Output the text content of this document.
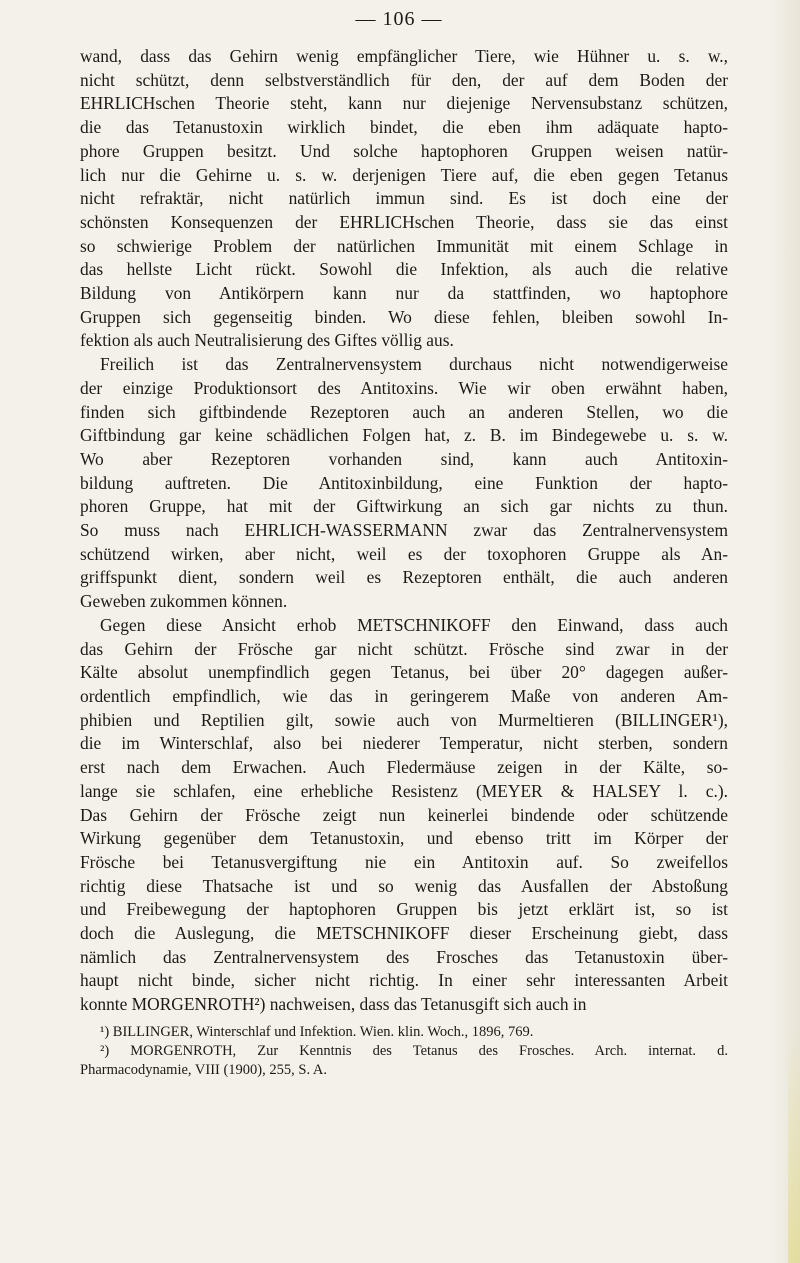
— 106 —

wand, dass das Gehirn wenig empfänglicher Tiere, wie Hühner u. s. w.,
nicht schützt, denn selbstverständlich für den, der auf dem Boden der
EHRLICHschen Theorie steht, kann nur diejenige Nervensubstanz schützen,
die das Tetanustoxin wirklich bindet, die eben ihm adäquate hapto-
phore Gruppen besitzt. Und solche haptophoren Gruppen weisen natür-
lich nur die Gehirne u. s. w. derjenigen Tiere auf, die eben gegen Tetanus
nicht refraktär, nicht natürlich immun sind. Es ist doch eine der
schönsten Konsequenzen der EHRLICHschen Theorie, dass sie das einst
so schwierige Problem der natürlichen Immunität mit einem Schlage in
das hellste Licht rückt. Sowohl die Infektion, als auch die relative
Bildung von Antikörpern kann nur da stattfinden, wo haptophore
Gruppen sich gegenseitig binden. Wo diese fehlen, bleiben sowohl In-
fektion als auch Neutralisierung des Giftes völlig aus.

Freilich ist das Zentralnervensystem durchaus nicht notwendigerweise
der einzige Produktionsort des Antitoxins. Wie wir oben erwähnt haben,
finden sich giftbindende Rezeptoren auch an anderen Stellen, wo die
Giftbindung gar keine schädlichen Folgen hat, z. B. im Bindegewebe u. s. w.
Wo aber Rezeptoren vorhanden sind, kann auch Antitoxin-
bildung auftreten. Die Antitoxinbildung, eine Funktion der hapto-
phoren Gruppe, hat mit der Giftwirkung an sich gar nichts zu thun.
So muss nach EHRLICH-WASSERMANN zwar das Zentralnervensystem
schützend wirken, aber nicht, weil es der toxophoren Gruppe als An-
griffspunkt dient, sondern weil es Rezeptoren enthält, die auch anderen
Geweben zukommen können.

Gegen diese Ansicht erhob METSCHNIKOFF den Einwand, dass auch
das Gehirn der Frösche gar nicht schützt. Frösche sind zwar in der
Kälte absolut unempfindlich gegen Tetanus, bei über 20° dagegen außer-
ordentlich empfindlich, wie das in geringerem Maße von anderen Am-
phibien und Reptilien gilt, sowie auch von Murmeltieren (BILLINGER¹),
die im Winterschlaf, also bei niederer Temperatur, nicht sterben, sondern
erst nach dem Erwachen. Auch Fledermäuse zeigen in der Kälte, so-
lange sie schlafen, eine erhebliche Resistenz (MEYER & HALSEY l. c.).
Das Gehirn der Frösche zeigt nun keinerlei bindende oder schützende
Wirkung gegenüber dem Tetanustoxin, und ebenso tritt im Körper der
Frösche bei Tetanusvergiftung nie ein Antitoxin auf. So zweifellos
richtig diese Thatsache ist und so wenig das Ausfallen der Abstoßung
und Freibewegung der haptophoren Gruppen bis jetzt erklärt ist, so ist
doch die Auslegung, die METSCHNIKOFF dieser Erscheinung giebt, dass
nämlich das Zentralnervensystem des Frosches das Tetanustoxin über-
haupt nicht binde, sicher nicht richtig. In einer sehr interessanten Arbeit
konnte MORGENROTH²) nachweisen, dass das Tetanusgift sich auch in

¹) BILLINGER, Winterschlaf und Infektion. Wien. klin. Woch., 1896, 769.
²) MORGENROTH, Zur Kenntnis des Tetanus des Frosches. Arch. internat. d.
Pharmacodynamie, VIII (1900), 255, S. A.
